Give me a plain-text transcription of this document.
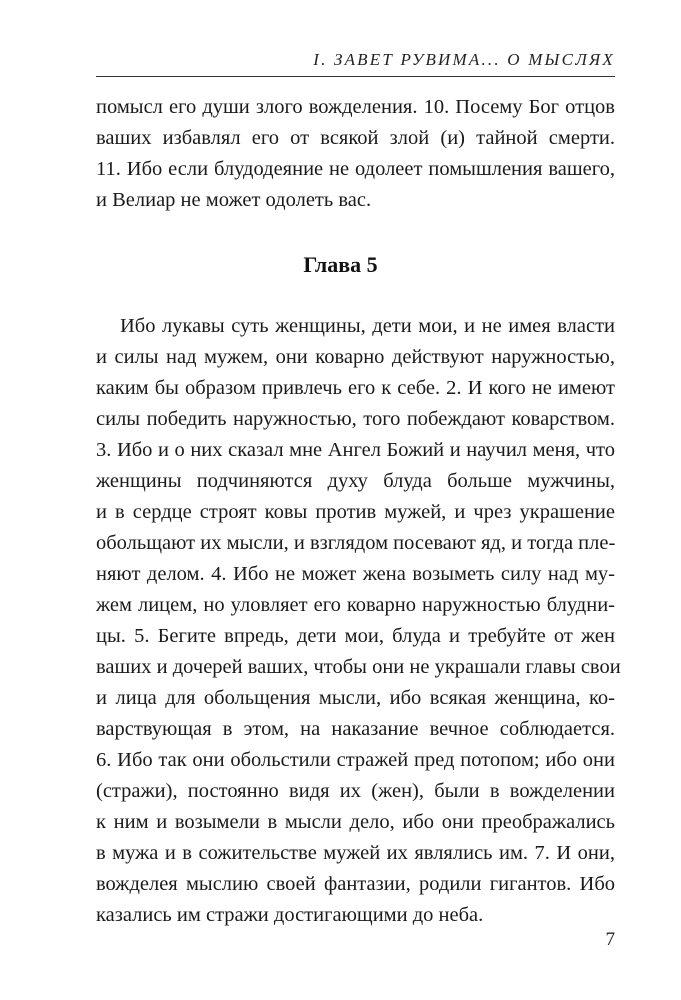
I. ЗАВЕТ РУВИМА... О МЫСЛЯХ
помысл его души злого вожделения. 10. Посему Бог отцов
ваших избавлял его от всякой злой (и) тайной смерти.
11. Ибо если блудодеяние не одолеет помышления вашего,
и Велиар не может одолеть вас.
Глава 5
Ибо лукавы суть женщины, дети мои, и не имея власти
и силы над мужем, они коварно действуют наружностью,
каким бы образом привлечь его к себе. 2. И кого не имеют
силы победить наружностью, того побеждают коварством.
3. Ибо и о них сказал мне Ангел Божий и научил меня, что
женщины подчиняются духу блуда больше мужчины,
и в сердце строят ковы против мужей, и чрез украшение
обольщают их мысли, и взглядом посевают яд, и тогда пле-
няют делом. 4. Ибо не может жена возыметь силу над му-
жем лицем, но уловляет его коварно наружностью блудни-
цы. 5. Бегите впредь, дети мои, блуда и требуйте от жен
ваших и дочерей ваших, чтобы они не украшали главы свои
и лица для обольщения мысли, ибо всякая женщина, ко-
варствующая в этом, на наказание вечное соблюдается.
6. Ибо так они обольстили стражей пред потопом; ибо они
(стражи), постоянно видя их (жен), были в вожделении
к ним и возымели в мысли дело, ибо они преображались
в мужа и в сожительстве мужей их являлись им. 7. И они,
вожделея мыслию своей фантазии, родили гигантов. Ибо
казались им стражи достигающими до неба.
7
